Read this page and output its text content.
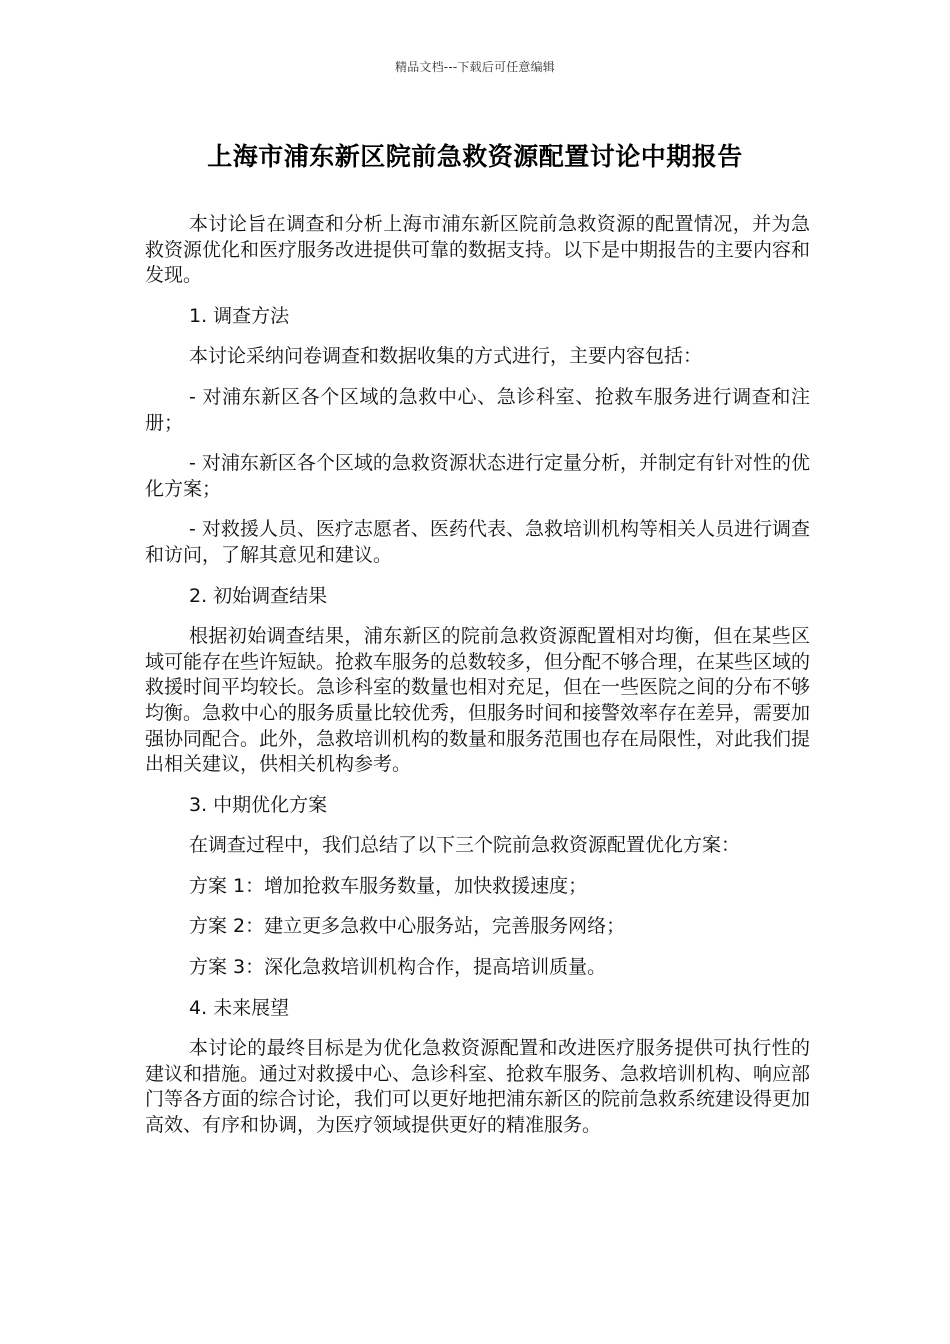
精品文档---下载后可任意编辑
上海市浦东新区院前急救资源配置讨论中期报告

本讨论旨在调查和分析上海市浦东新区院前急救资源的配置情况，并为急救资源优化和医疗服务改进提供可靠的数据支持。以下是中期报告的主要内容和发现。

1. 调查方法

本讨论采纳问卷调查和数据收集的方式进行，主要内容包括：

- 对浦东新区各个区域的急救中心、急诊科室、抢救车服务进行调查和注册；

- 对浦东新区各个区域的急救资源状态进行定量分析，并制定有针对性的优化方案；

- 对救援人员、医疗志愿者、医药代表、急救培训机构等相关人员进行调查和访问，了解其意见和建议。

2. 初始调查结果

根据初始调查结果，浦东新区的院前急救资源配置相对均衡，但在某些区域可能存在些许短缺。抢救车服务的总数较多，但分配不够合理，在某些区域的救援时间平均较长。急诊科室的数量也相对充足，但在一些医院之间的分布不够均衡。急救中心的服务质量比较优秀，但服务时间和接警效率存在差异，需要加强协同配合。此外，急救培训机构的数量和服务范围也存在局限性，对此我们提出相关建议，供相关机构参考。

3. 中期优化方案

在调查过程中，我们总结了以下三个院前急救资源配置优化方案：

方案 1：增加抢救车服务数量，加快救援速度；

方案 2：建立更多急救中心服务站，完善服务网络；

方案 3：深化急救培训机构合作，提高培训质量。

4. 未来展望

本讨论的最终目标是为优化急救资源配置和改进医疗服务提供可执行性的建议和措施。通过对救援中心、急诊科室、抢救车服务、急救培训机构、响应部门等各方面的综合讨论，我们可以更好地把浦东新区的院前急救系统建设得更加高效、有序和协调，为医疗领域提供更好的精准服务。
